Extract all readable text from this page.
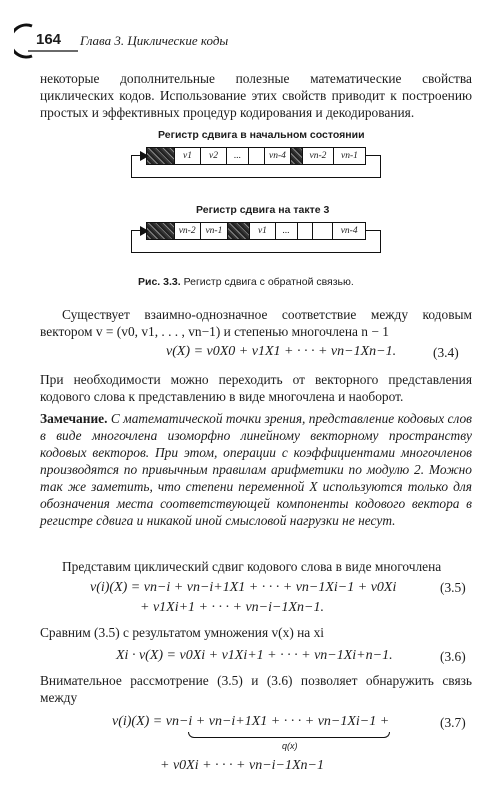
164 Глава 3. Циклические коды

некоторые дополнительные полезные математические свойства циклических кодов. Использование этих свойств приводит к построению простых и эффективных процедур кодирования и декодирования.

Регистр сдвига в начальном состоянии
v1	v2	...	vn-4	vn-2	vn-1
Регистр сдвига на такте 3
vn-2	vn-1	v1	...	vn-4
Рис. 3.3. Регистр сдвига с обратной связью.

Существует взаимно-однозначное соответствие между кодовым вектором v = (v0, v1, . . . , vn−1) и степенью многочлена n − 1

v(X) = v0X0 + v1X1 + · · · + vn−1Xn−1.	(3.4)

При необходимости можно переходить от векторного представления кодового слова к представлению в виде многочлена и наоборот.

Замечание. С математической точки зрения, представление кодовых слов в виде многочлена изоморфно линейному векторному пространству кодовых векторов. При этом, операции с коэффициентами многочленов производятся по привычным правилам арифметики по модулю 2. Можно так же заметить, что степени переменной X используются только для обозначения места соответствующей компоненты кодового вектора в регистре сдвига и никакой иной смысловой нагрузки не несут.

Представим циклический сдвиг кодового слова в виде многочлена

v(i)(X) = vn−i + vn−i+1X1 + · · · + vn−1Xi−1 + v0Xi	(3.5)
+ v1Xi+1 + · · · + vn−i−1Xn−1.

Сравним (3.5) с результатом умножения v(x) на xi

Xi · v(X) = v0Xi + v1Xi+1 + · · · + vn−1Xi+n−1.	(3.6)

Внимательное рассмотрение (3.5) и (3.6) позволяет обнаружить связь между

v(i)(X) = vn−i + vn−i+1X1 + · · · + vn−1Xi−1 +	(3.7)
q(x)
+ v0Xi + · · · + vn−i−1Xn−1
